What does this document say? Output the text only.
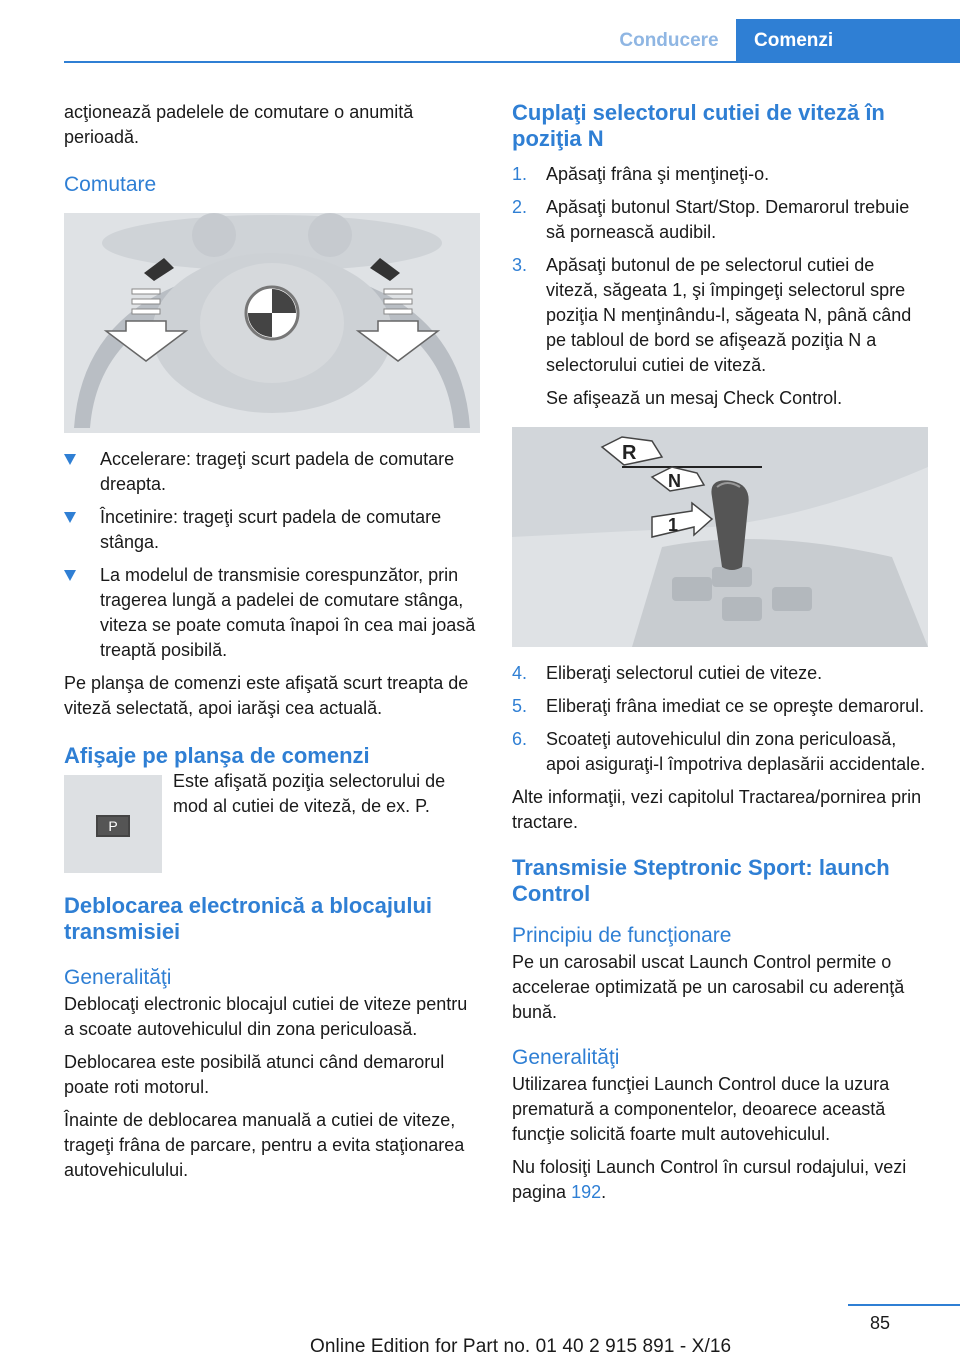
Conducere	Comenzi

acţionează padelele de comutare o anumită perioadă.

Comutare
Accelerare: trageţi scurt padela de comutare dreapta.
Încetinire: trageţi scurt padela de comutare stânga.
La modelul de transmisie corespunzător, prin tragerea lungă a padelei de comutare stânga, viteza se poate comuta înapoi în cea mai joasă treaptă posibilă.

Pe planşa de comenzi este afişată scurt treapta de viteză selectată, apoi iarăşi cea actuală.

Afişaje pe planşa de comenzi
P

Este afişată poziţia selectorului de mod al cutiei de viteză, de ex. P.

Deblocarea electronică a blocajului transmisiei
Generalităţi

Deblocaţi electronic blocajul cutiei de viteze pentru a scoate autovehiculul din zona periculoasă.

Deblocarea este posibilă atunci când demarorul poate roti motorul.

Înainte de deblocarea manuală a cutiei de viteze, trageţi frâna de parcare, pentru a evita staţionarea autovehiculului.

Cuplaţi selectorul cutiei de viteză în poziţia N
1. Apăsaţi frâna şi menţineţi-o.
2. Apăsaţi butonul Start/Stop. Demarorul trebuie să pornească audibil.
3. Apăsaţi butonul de pe selectorul cutiei de viteză, săgeata 1, şi împingeţi selectorul spre poziţia N menţinându-l, săgeata N, până când pe tabloul de bord se afişează poziţia N a selectorului cutiei de viteză.

Se afişează un mesaj Check Control.

R
N
1
4. Eliberaţi selectorul cutiei de viteze.
5. Eliberaţi frâna imediat ce se opreşte demarorul.
6. Scoateţi autovehiculul din zona periculoasă, apoi asiguraţi-l împotriva deplasării accidentale.

Alte informaţii, vezi capitolul Tractarea/pornirea prin tractare.

Transmisie Steptronic Sport: launch Control
Principiu de funcţionare

Pe un carosabil uscat Launch Control permite o accelerae optimizată pe un carosabil cu aderenţă bună.

Generalităţi

Utilizarea funcţiei Launch Control duce la uzura prematură a componentelor, deoarece această funcţie solicită foarte mult autovehiculul.

Nu folosiţi Launch Control în cursul rodajului, vezi pagina 192.

85
Online Edition for Part no. 01 40 2 915 891 - X/16
